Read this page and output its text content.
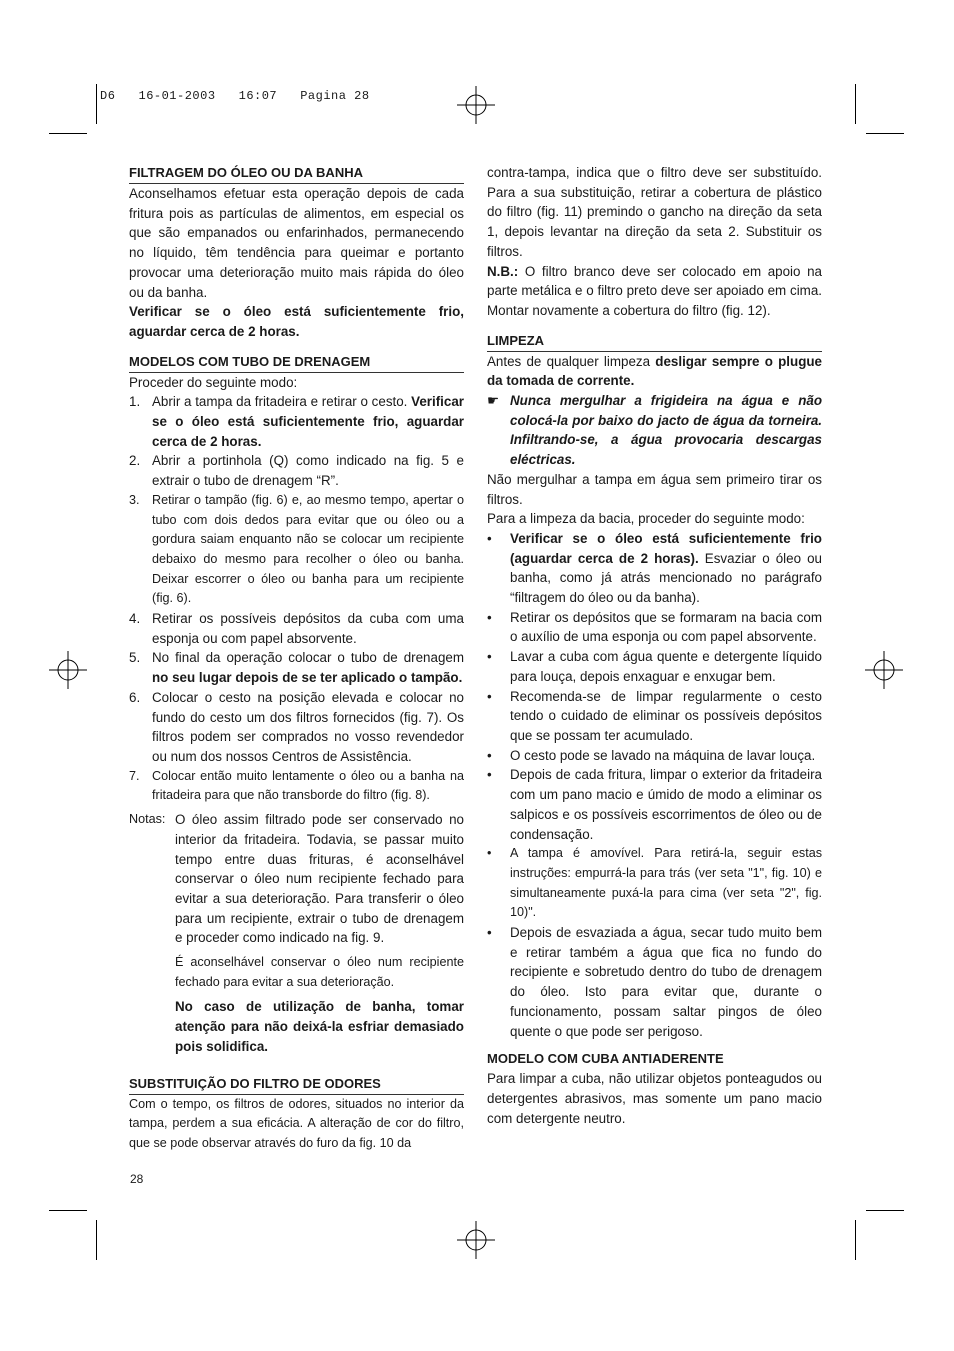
D6   16-01-2003   16:07   Pagina 28
FILTRAGEM DO ÓLEO OU DA BANHA

Aconselhamos efetuar esta operação depois de cada fritura pois as partículas de alimentos, em especial os que são empanados ou enfarinhados, permanecendo no líquido, têm tendência para queimar e portanto provocar uma deterioração muito mais rápida do óleo ou da banha.

Verificar se o óleo está suficientemente frio, aguardar cerca de 2 horas.

MODELOS COM TUBO DE DRENAGEM

Proceder do seguinte modo:

1. Abrir a tampa da fritadeira e retirar o cesto. Verificar se o óleo está suficientemente frio, aguardar cerca de 2 horas.
2. Abrir a portinhola (Q) como indicado na fig. 5 e extrair o tubo de drenagem “R”.
3. Retirar o tampão (fig. 6) e, ao mesmo tempo, apertar o tubo com dois dedos para evitar que ou óleo ou a gordura saiam enquanto não se colocar um recipiente debaixo do mesmo para recolher o óleo ou banha. Deixar escorrer o óleo ou banha para um recipiente (fig. 6).
4. Retirar os possíveis depósitos da cuba com uma esponja ou com papel absorvente.
5. No final da operação colocar o tubo de drenagem no seu lugar depois de se ter aplicado o tampão.
6. Colocar o cesto na posição elevada e colocar no fundo do cesto um dos filtros fornecidos (fig. 7). Os filtros podem ser comprados no vosso revendedor ou num dos nossos Centros de Assistência.
7. Colocar então muito lentamente o óleo ou a banha na fritadeira para que não transborde do filtro (fig. 8).
Notas: O óleo assim filtrado pode ser conservado no interior da fritadeira. Todavia, se passar muito tempo entre duas frituras, é aconselhável conservar o óleo num recipiente fechado para evitar a sua deterioração. Para transferir o óleo para um recipiente, extrair o tubo de drenagem e proceder como indicado na fig. 9.

É aconselhável conservar o óleo num recipiente fechado para evitar a sua deterioração.

No caso de utilização de banha, tomar atenção para não deixá-la esfriar demasiado pois solidifica.

SUBSTITUIÇÃO DO FILTRO DE ODORES

Com o tempo, os filtros de odores, situados no interior da tampa, perdem a sua eficácia. A alteração de cor do filtro, que se pode observar através do furo da fig. 10 da

contra-tampa, indica que o filtro deve ser substituído. Para a sua substituição, retirar a cobertura de plástico do filtro (fig. 11) premindo o gancho na direção da seta 1, depois levantar na direção da seta 2. Substituir os filtros.

N.B.: O filtro branco deve ser colocado em apoio na parte metálica e o filtro preto deve ser apoiado em cima. Montar novamente a cobertura do filtro (fig. 12).

LIMPEZA

Antes de qualquer limpeza desligar sempre o plugue da tomada de corrente.

☛ Nunca mergulhar a frigideira na água e não colocá-la por baixo do jacto de água da torneira. Infiltrando-se, a água provocaria descargas eléctricas.

Não mergulhar a tampa em água sem primeiro tirar os filtros.

Para a limpeza da bacia, proceder do seguinte modo:

•	Verificar se o óleo está suficientemente frio (aguardar cerca de 2 horas). Esvaziar o óleo ou banha, como já atrás mencionado no parágrafo “filtragem do óleo ou da banha).
•	Retirar os depósitos que se formaram na bacia com o auxílio de uma esponja ou com papel absorvente.
•	Lavar a cuba com água quente e detergente líquido para louça, depois enxaguar e enxugar bem.
•	Recomenda-se de limpar regularmente o cesto tendo o cuidado de eliminar os possíveis depósitos que se possam ter acumulado.
•	O cesto pode se lavado na máquina de lavar louça.
•	Depois de cada fritura, limpar o exterior da fritadeira com um pano macio e úmido de modo a eliminar os salpicos e os possíveis escorrimentos de óleo ou de condensação.
•	A tampa é amovível. Para retirá-la, seguir estas instruções: empurrá-la para trás (ver seta "1", fig. 10) e simultaneamente puxá-la para cima (ver seta "2", fig. 10)".
•	Depois de esvaziada a água, secar tudo muito bem e retirar também a água que fica no fundo do recipiente e sobretudo dentro do tubo de drenagem do óleo. Isto para evitar que, durante o funcionamento, possam saltar pingos de óleo quente o que pode ser perigoso.
MODELO COM CUBA ANTIADERENTE

Para limpar a cuba, não utilizar objetos ponteagudos ou detergentes abrasivos, mas somente um pano macio com detergente neutro.

28
